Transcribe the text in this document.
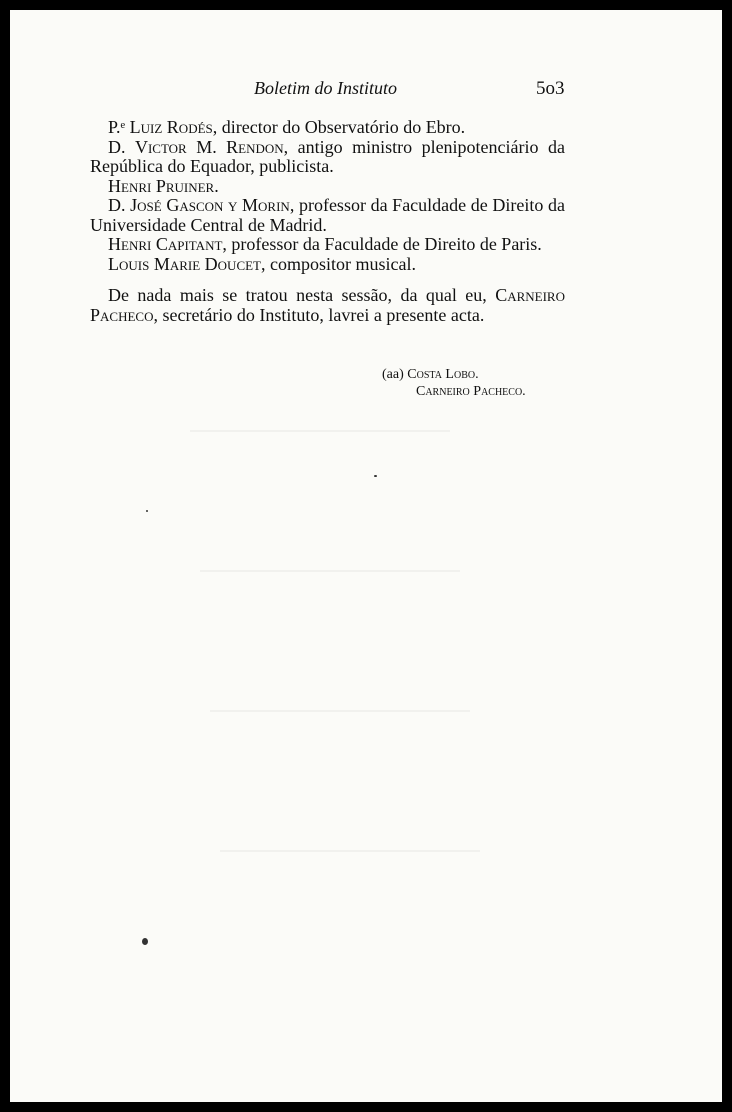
Boletim do Instituto	5o3

P.ᵉ Luiz Rodés, director do Observatório do Ebro.

D. Victor M. Rendon, antigo ministro plenipotenciário da República do Equador, publicista.

Henri Pruiner.

D. José Gascon y Morin, professor da Faculdade de Direito da Universidade Central de Madrid.

Henri Capitant, professor da Faculdade de Direito de Paris.

Louis Marie Doucet, compositor musical.

De nada mais se tratou nesta sessão, da qual eu, Carneiro Pacheco, secretário do Instituto, lavrei a presente acta.

(aa) Costa Lobo.
Carneiro Pacheco.
